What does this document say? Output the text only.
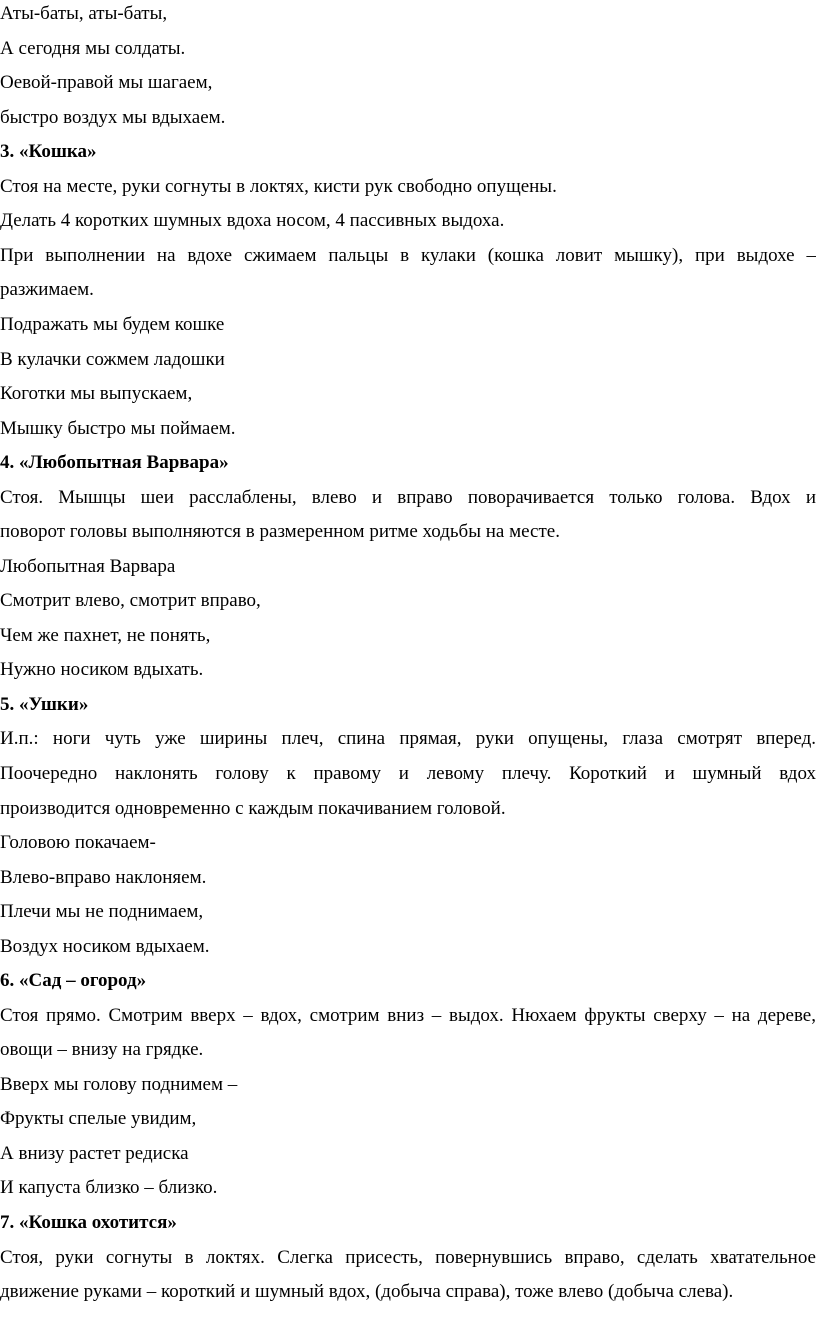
Аты-баты, аты-баты,
А сегодня мы солдаты.
Оевой-правой мы шагаем,
быстро воздух мы вдыхаем.
3. «Кошка»
Стоя на месте, руки согнуты в локтях, кисти рук свободно опущены.
Делать 4 коротких шумных вдоха носом, 4 пассивных выдоха.
При выполнении на вдохе сжимаем пальцы в кулаки (кошка ловит мышку), при выдохе –
разжимаем.
Подражать мы будем кошке
В кулачки сожмем ладошки
Коготки мы выпускаем,
Мышку быстро мы поймаем.
4. «Любопытная Варвара»
Стоя. Мышцы шеи расслаблены, влево и вправо поворачивается только голова. Вдох и
поворот головы выполняются в размеренном ритме ходьбы на месте.
Любопытная Варвара
Смотрит влево, смотрит вправо,
Чем же пахнет, не понять,
Нужно носиком вдыхать.
5. «Ушки»
И.п.: ноги чуть уже ширины плеч, спина прямая, руки опущены, глаза смотрят вперед.
Поочередно наклонять голову к правому и левому плечу. Короткий и шумный вдох
производится одновременно с каждым покачиванием головой.
Головою покачаем-
Влево-вправо наклоняем.
Плечи мы не поднимаем,
Воздух носиком вдыхаем.
6. «Сад – огород»
Стоя прямо. Смотрим вверх – вдох, смотрим вниз – выдох. Нюхаем фрукты сверху – на дереве,
овощи – внизу на грядке.
Вверх мы голову поднимем –
Фрукты спелые увидим,
А внизу растет редиска
И капуста близко – близко.
7. «Кошка охотится»
Стоя, руки согнуты в локтях. Слегка присесть, повернувшись вправо, сделать хватательное
движение руками – короткий и шумный вдох, (добыча справа), тоже влево (добыча слева).
